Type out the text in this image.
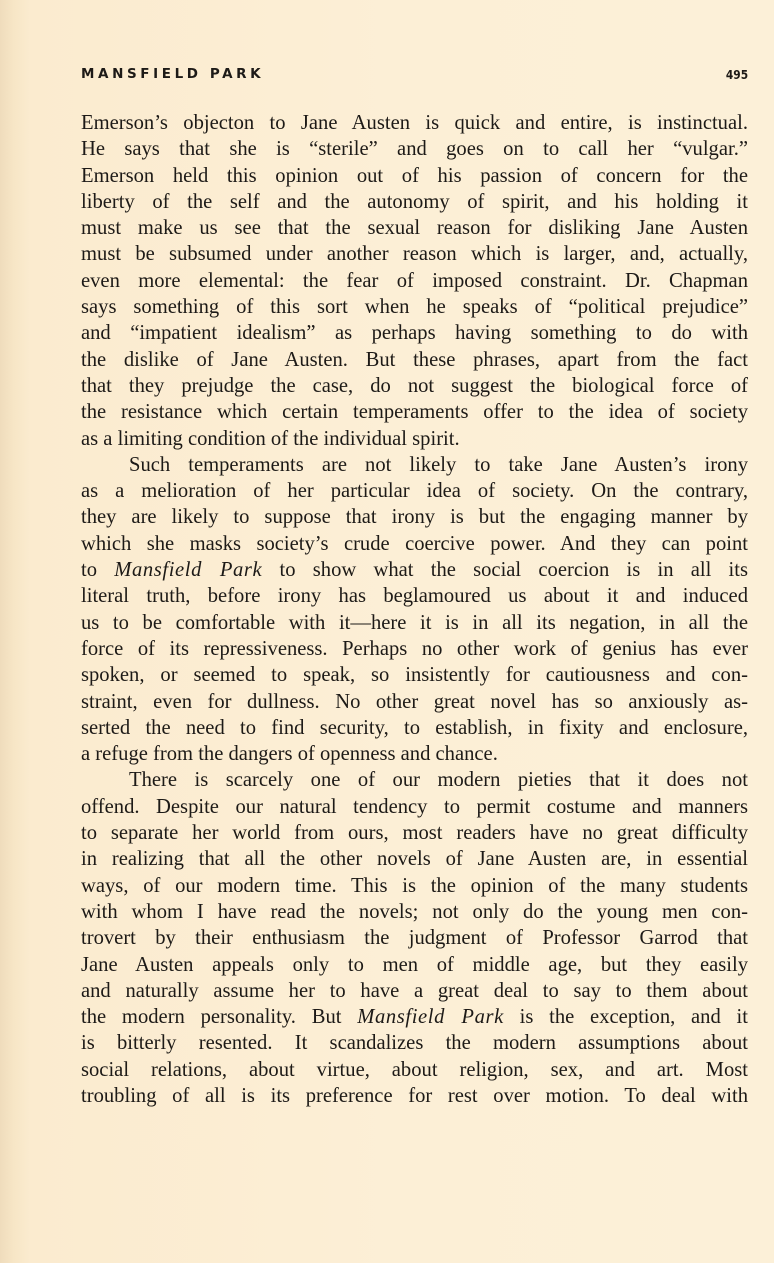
MANSFIELD PARK	495
Emerson’s objecton to Jane Austen is quick and entire, is instinctual.
He says that she is “sterile” and goes on to call her “vulgar.”
Emerson held this opinion out of his passion of concern for the
liberty of the self and the autonomy of spirit, and his holding it
must make us see that the sexual reason for disliking Jane Austen
must be subsumed under another reason which is larger, and, actually,
even more elemental: the fear of imposed constraint. Dr. Chapman
says something of this sort when he speaks of “political prejudice”
and “impatient idealism” as perhaps having something to do with
the dislike of Jane Austen. But these phrases, apart from the fact
that they prejudge the case, do not suggest the biological force of
the resistance which certain temperaments offer to the idea of society
as a limiting condition of the individual spirit.
Such temperaments are not likely to take Jane Austen’s irony
as a melioration of her particular idea of society. On the contrary,
they are likely to suppose that irony is but the engaging manner by
which she masks society’s crude coercive power. And they can point
to Mansfield Park to show what the social coercion is in all its
literal truth, before irony has beglamoured us about it and induced
us to be comfortable with it—here it is in all its negation, in all the
force of its repressiveness. Perhaps no other work of genius has ever
spoken, or seemed to speak, so insistently for cautiousness and con-
straint, even for dullness. No other great novel has so anxiously as-
serted the need to find security, to establish, in fixity and enclosure,
a refuge from the dangers of openness and chance.
There is scarcely one of our modern pieties that it does not
offend. Despite our natural tendency to permit costume and manners
to separate her world from ours, most readers have no great difficulty
in realizing that all the other novels of Jane Austen are, in essential
ways, of our modern time. This is the opinion of the many students
with whom I have read the novels; not only do the young men con-
trovert by their enthusiasm the judgment of Professor Garrod that
Jane Austen appeals only to men of middle age, but they easily
and naturally assume her to have a great deal to say to them about
the modern personality. But Mansfield Park is the exception, and it
is bitterly resented. It scandalizes the modern assumptions about
social relations, about virtue, about religion, sex, and art. Most
troubling of all is its preference for rest over motion. To deal with
